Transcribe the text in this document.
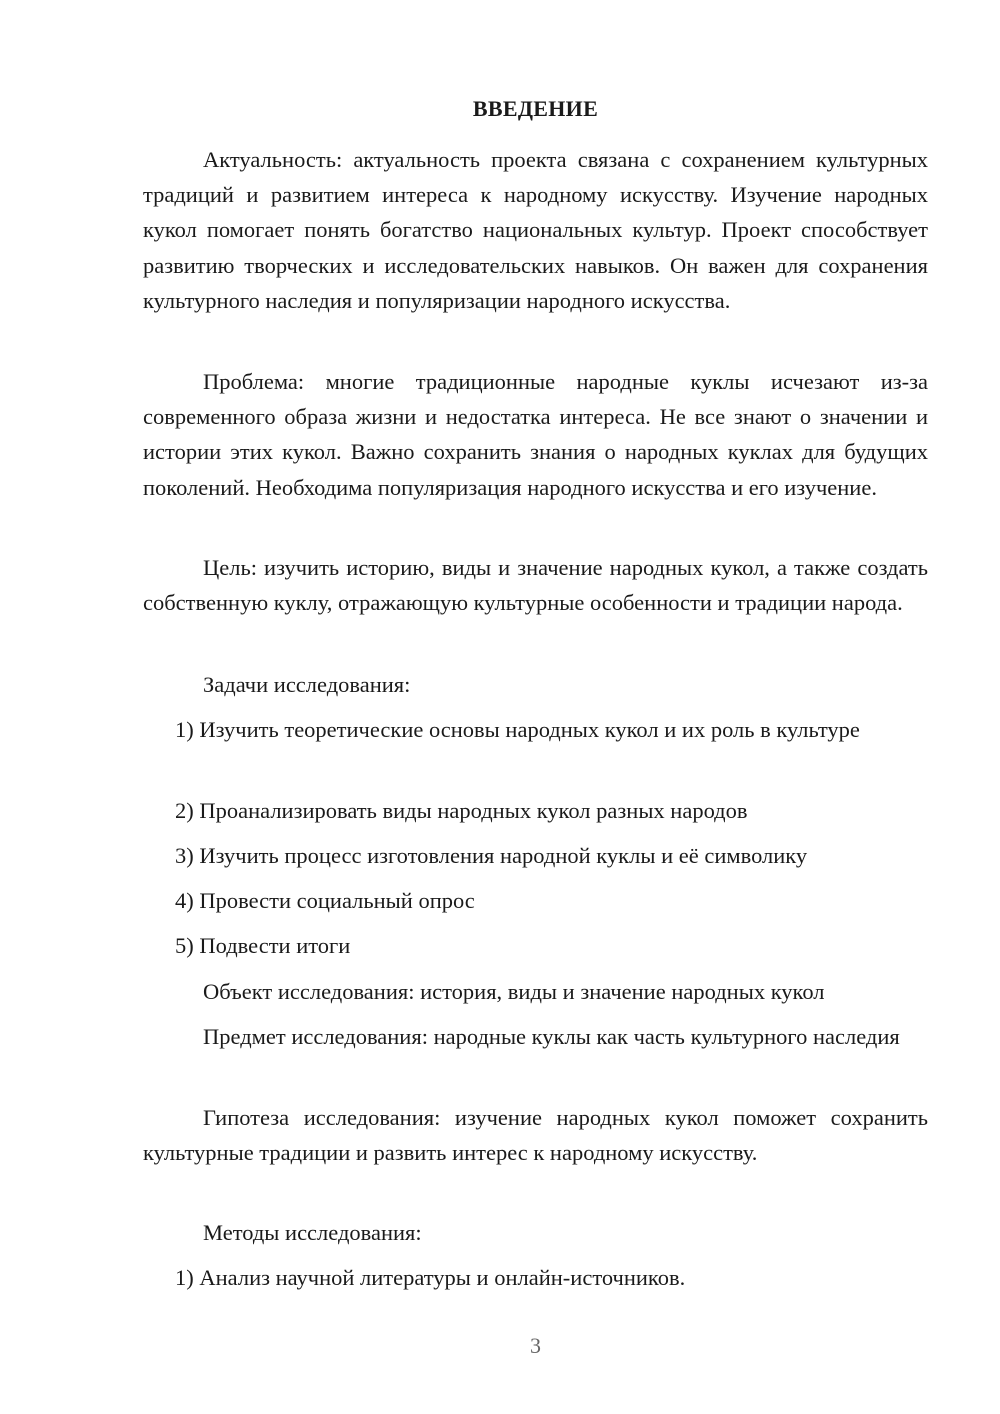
ВВЕДЕНИЕ

Актуальность: актуальность проекта связана с сохранением культурных традиций и развитием интереса к народному искусству. Изучение народных кукол помогает понять богатство национальных культур. Проект способствует развитию творческих и исследовательских навыков. Он важен для сохранения культурного наследия и популяризации народного искусства.

Проблема: многие традиционные народные куклы исчезают из-за современного образа жизни и недостатка интереса. Не все знают о значении и истории этих кукол. Важно сохранить знания о народных куклах для будущих поколений. Необходима популяризация народного искусства и его изучение.

Цель: изучить историю, виды и значение народных кукол, а также создать собственную куклу, отражающую культурные особенности и традиции народа.

Задачи исследования:

1) Изучить теоретические основы народных кукол и их роль в культуре

2) Проанализировать виды народных кукол разных народов

3) Изучить процесс изготовления народной куклы и её символику

4) Провести социальный опрос

5) Подвести итоги

Объект исследования: история, виды и значение народных кукол

Предмет исследования: народные куклы как часть культурного наследия

Гипотеза исследования: изучение народных кукол поможет сохранить культурные традиции и развить интерес к народному искусству.

Методы исследования:

1) Анализ научной литературы и онлайн-источников.

3
